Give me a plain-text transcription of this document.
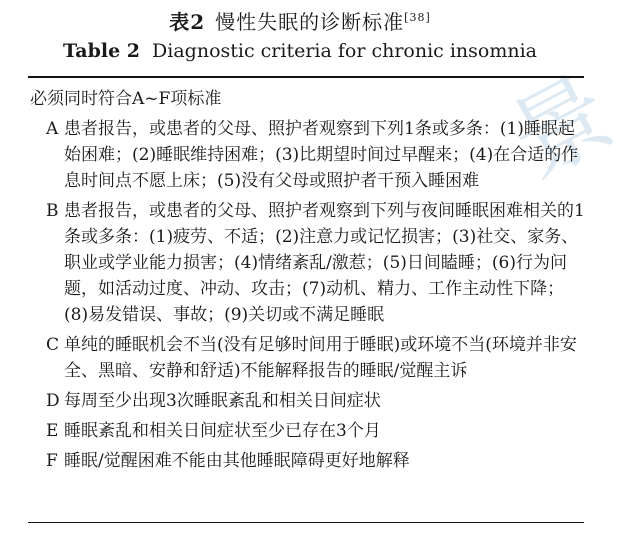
景
表2 慢性失眠的诊断标准[38]
Table 2 Diagnostic criteria for chronic insomnia
必须同时符合A~F项标准
A 患者报告，或患者的父母、照护者观察到下列1条或多条：(1)睡眠起始困难；(2)睡眠维持困难；(3)比期望时间过早醒来；(4)在合适的作息时间点不愿上床；(5)没有父母或照护者干预入睡困难
B 患者报告，或患者的父母、照护者观察到下列与夜间睡眠困难相关的1条或多条：(1)疲劳、不适；(2)注意力或记忆损害；(3)社交、家务、职业或学业能力损害；(4)情绪紊乱/激惹；(5)日间瞌睡；(6)行为问题，如活动过度、冲动、攻击；(7)动机、精力、工作主动性下降；(8)易发错误、事故；(9)关切或不满足睡眠
C 单纯的睡眠机会不当(没有足够时间用于睡眠)或环境不当(环境并非安全、黑暗、安静和舒适)不能解释报告的睡眠/觉醒主诉
D 每周至少出现3次睡眠紊乱和相关日间症状
E 睡眠紊乱和相关日间症状至少已存在3个月
F 睡眠/觉醒困难不能由其他睡眠障碍更好地解释
